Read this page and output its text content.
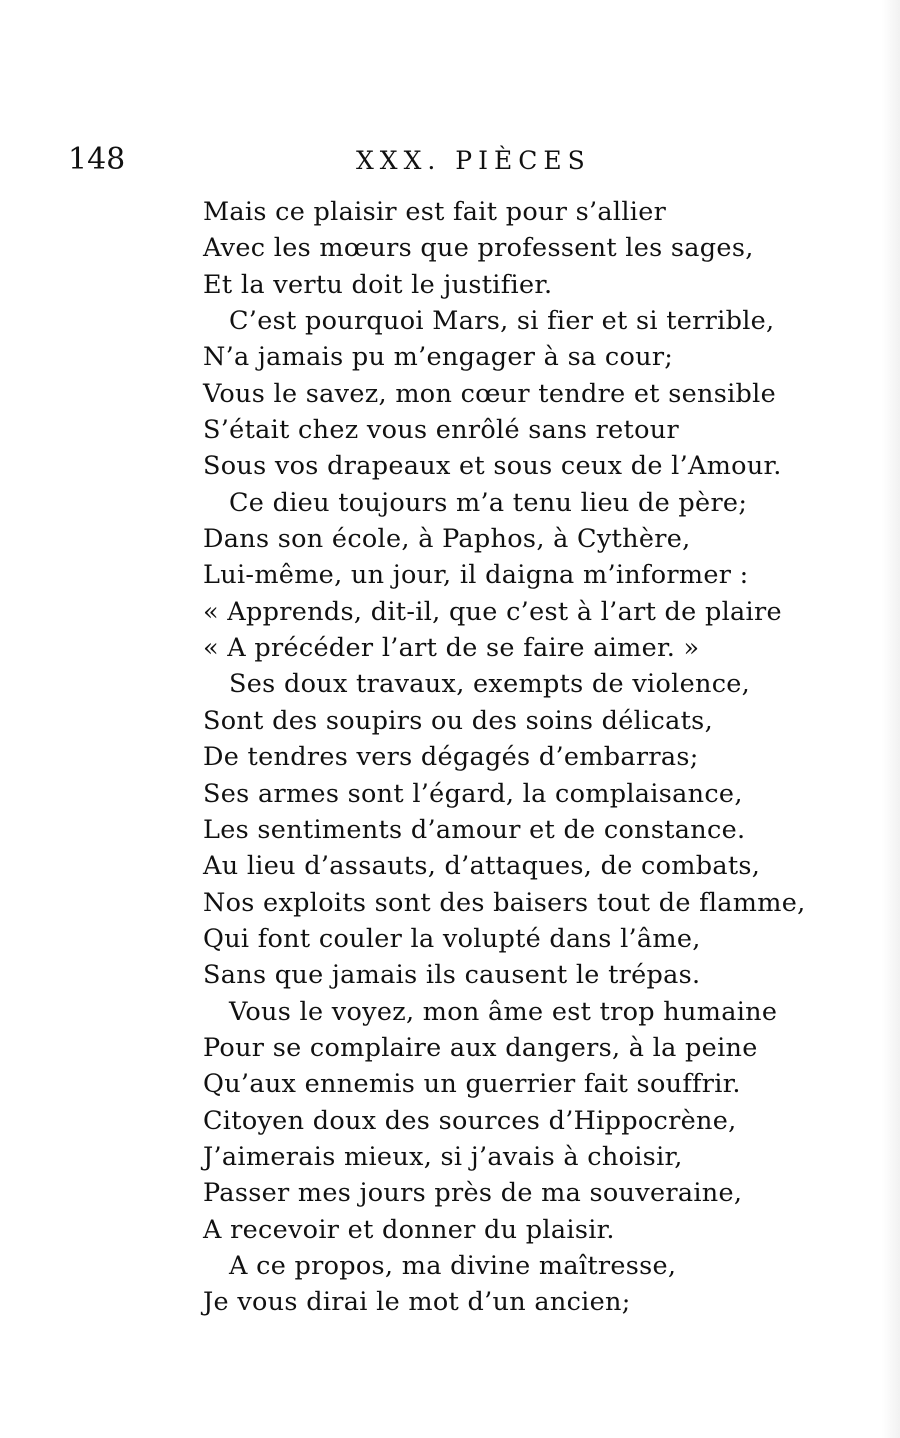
148	XXX. PIÈCES
Mais ce plaisir est fait pour s’allier
Avec les mœurs que professent les sages,
Et la vertu doit le justifier.
C’est pourquoi Mars, si fier et si terrible,
N’a jamais pu m’engager à sa cour;
Vous le savez, mon cœur tendre et sensible
S’était chez vous enrôlé sans retour
Sous vos drapeaux et sous ceux de l’Amour.
Ce dieu toujours m’a tenu lieu de père;
Dans son école, à Paphos, à Cythère,
Lui-même, un jour, il daigna m’informer :
« Apprends, dit-il, que c’est à l’art de plaire
« A précéder l’art de se faire aimer. »
Ses doux travaux, exempts de violence,
Sont des soupirs ou des soins délicats,
De tendres vers dégagés d’embarras;
Ses armes sont l’égard, la complaisance,
Les sentiments d’amour et de constance.
Au lieu d’assauts, d’attaques, de combats,
Nos exploits sont des baisers tout de flamme,
Qui font couler la volupté dans l’âme,
Sans que jamais ils causent le trépas.
Vous le voyez, mon âme est trop humaine
Pour se complaire aux dangers, à la peine
Qu’aux ennemis un guerrier fait souffrir.
Citoyen doux des sources d’Hippocrène,
J’aimerais mieux, si j’avais à choisir,
Passer mes jours près de ma souveraine,
A recevoir et donner du plaisir.
A ce propos, ma divine maîtresse,
Je vous dirai le mot d’un ancien;
